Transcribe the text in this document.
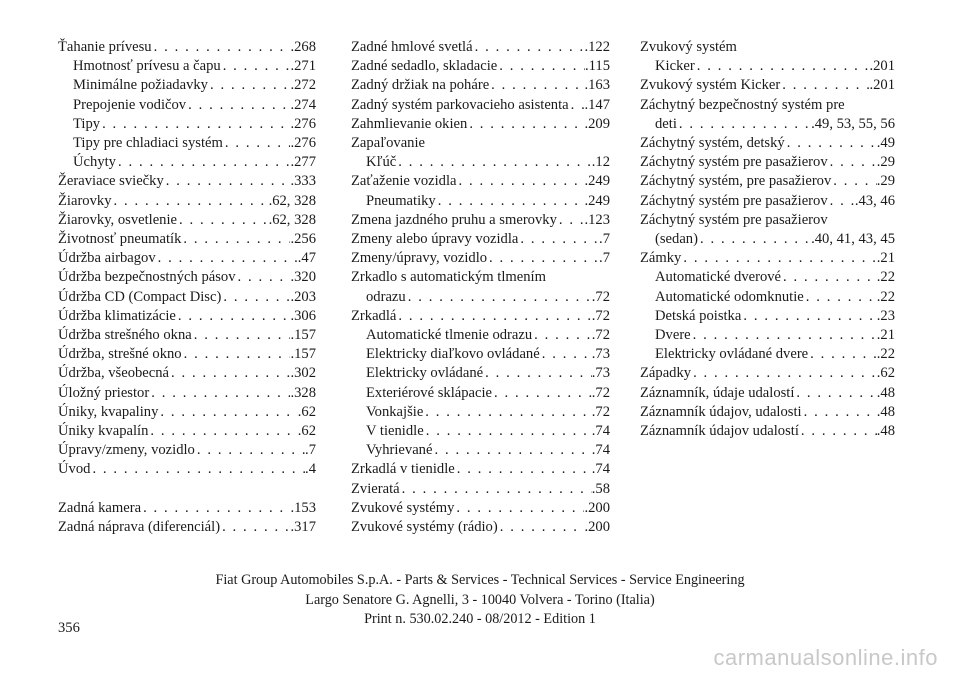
Ťahanie prívesu . . .	.268
Hmotnosť prívesu a čapu . . .	.271
Minimálne požiadavky . . .	.272
Prepojenie vodičov . . .	.274
Tipy . . .	.276
Tipy pre chladiaci systém . . .	.276
Úchyty . . .	.277
Žeraviace sviečky . . .	.333
Žiarovky . . .	.62, 328
Žiarovky, osvetlenie . . .	.62, 328
Životnosť pneumatík . . .	.256
Údržba airbagov . . .	.47
Údržba bezpečnostných pásov . . .	.320
Údržba CD (Compact Disc) . . .	.203
Údržba klimatizácie . . .	.306
Údržba strešného okna . . .	.157
Údržba, strešné okno . . .	.157
Údržba, všeobecná . . .	.302
Úložný priestor . . .	.328
Úniky, kvapaliny . . .	.62
Úniky kvapalín . . .	.62
Úpravy/zmeny, vozidlo . . .	.7
Úvod . . .	.4
Zadná kamera . . .	.153
Zadná náprava (diferenciál) . . .	.317
Zadné hmlové svetlá . . .	.122
Zadné sedadlo, skladacie . . .	.115
Zadný držiak na poháre . . .	.163
Zadný systém parkovacieho asistenta . . . .147
Zahmlievanie okien . . .	.209
Zapaľovanie
Kľúč . . .	.12
Zaťaženie vozidla . . .	.249
Pneumatiky . . .	.249
Zmena jazdného pruhu a smerovky . . . .123
Zmeny alebo úpravy vozidla . . .	.7
Zmeny/úpravy, vozidlo . . .	.7
Zrkadlo s automatickým tlmením
odrazu . . .	.72
Zrkadlá . . .	.72
Automatické tlmenie odrazu . . .	.72
Elektricky diaľkovo ovládané . . .	.73
Elektricky ovládané . . .	.73
Exteriérové sklápacie . . .	.72
Vonkajšie . . .	.72
V tienidle . . .	.74
Vyhrievané . . .	.74
Zrkadlá v tienidle . . .	.74
Zvieratá . . .	.58
Zvukové systémy . . .	.200
Zvukové systémy (rádio) . . .	.200
Zvukový systém
Kicker . . .	.201
Zvukový systém Kicker . . .	.201
Záchytný bezpečnostný systém pre
deti . . .	.49, 53, 55, 56
Záchytný systém, detský . . .	.49
Záchytný systém pre pasažierov . . .	.29
Záchytný systém, pre pasažierov . . .	.29
Záchytný systém pre pasažierov . . . .43, 46
Záchytný systém pre pasažierov
(sedan) . . .	.40, 41, 43, 45
Zámky . . .	.21
Automatické dverové . . .	.22
Automatické odomknutie . . .	.22
Detská poistka . . .	.23
Dvere . . .	.21
Elektricky ovládané dvere . . .	.22
Západky . . .	.62
Záznamník, údaje udalostí . . .	.48
Záznamník údajov, udalosti . . .	.48
Záznamník údajov udalostí . . .	.48
Fiat Group Automobiles S.p.A. - Parts & Services - Technical Services - Service Engineering
Largo Senatore G. Agnelli, 3 - 10040 Volvera - Torino (Italia)
Print n. 530.02.240 - 08/2012 - Edition 1
356
carmanualsonline.info
